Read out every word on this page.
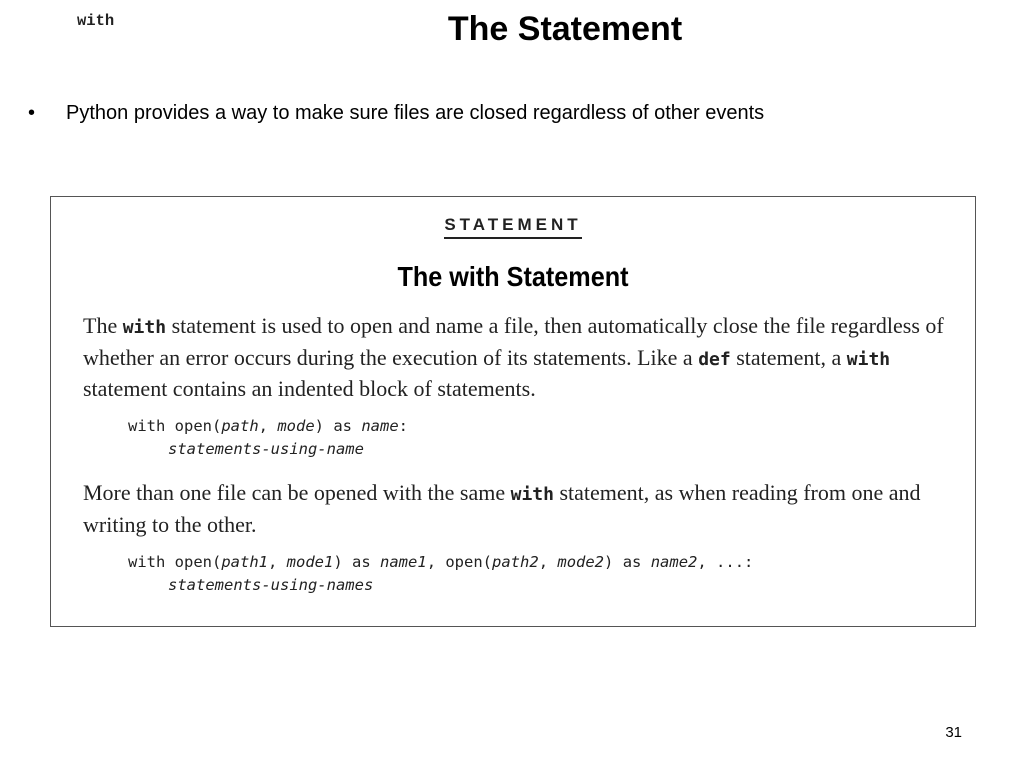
The
with	Statement
• Python provides a way to make sure files are closed regardless of other events
STATEMENT
The with Statement
The with statement is used to open and name a file, then automatically close the file regardless of whether an error occurs during the execution of its statements. Like a def statement, a with statement contains an indented block of statements.
with open(path, mode) as name:
statements-using-name
More than one file can be opened with the same with statement, as when reading from one and writing to the other.
with open(path1, mode1) as name1, open(path2, mode2) as name2, ...:
statements-using-names
31
